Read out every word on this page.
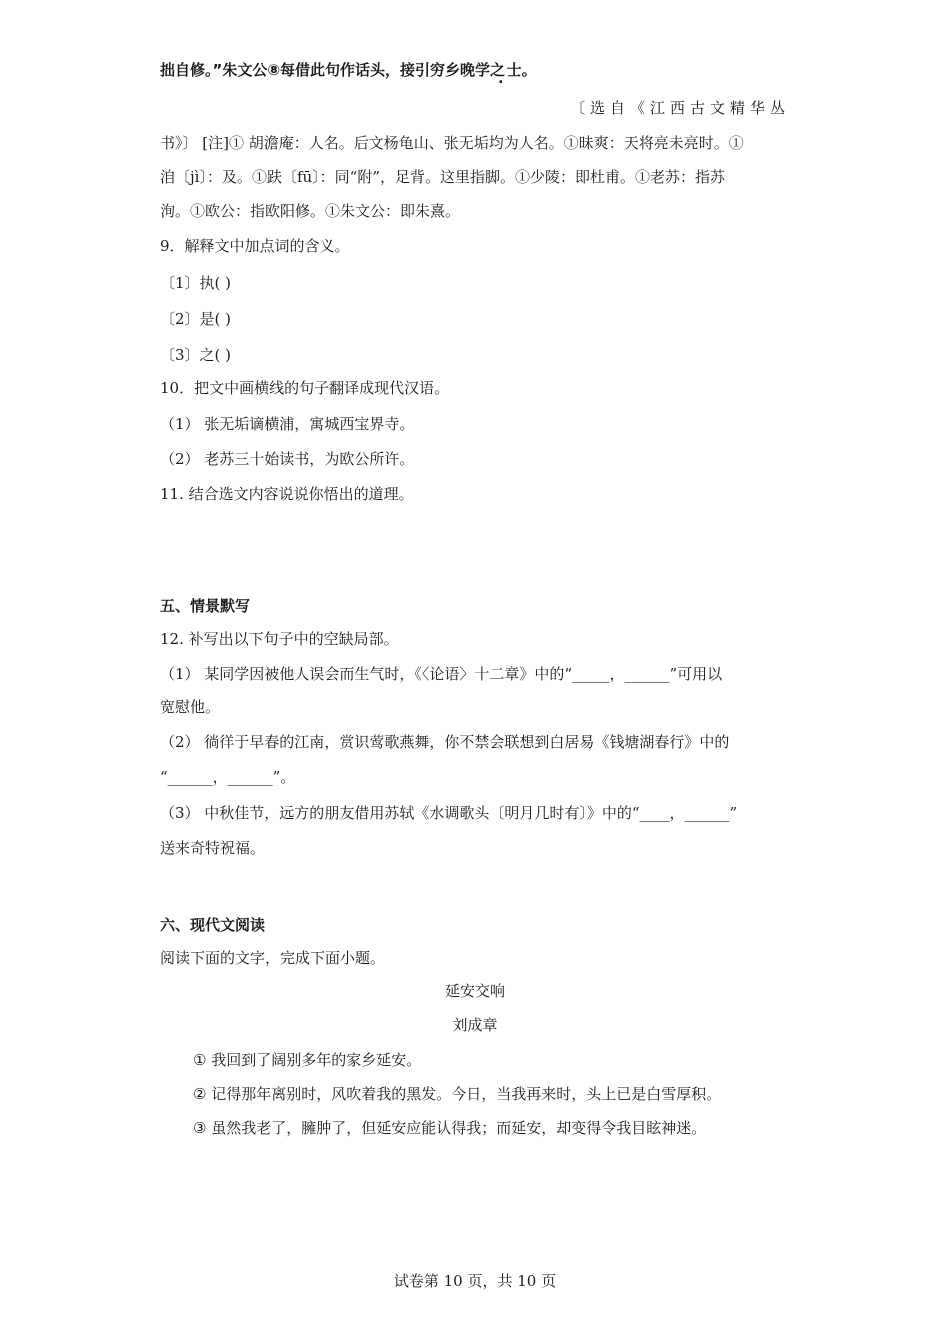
拙自修。”朱文公⑧每借此句作话头，接引穷乡晚学之  . 士。
〔选自《江西古文精华丛
书》〕 [注]① 胡澹庵：人名。后文杨龟山、张无垢均为人名。①昧爽：天将亮未亮时。①
洎〔jì〕：及。①趺〔fū〕：同“附”，足背。这里指脚。①少陵：即杜甫。①老苏：指苏
洵。①欧公：指欧阳修。①朱文公：即朱熹。
9．解释文中加点词的含义。
〔1〕执( )
〔2〕是( )
〔3〕之( )
10．把文中画横线的句子翻译成现代汉语。
（1） 张无垢谪横浦，寓城西宝界寺。
（2） 老苏三十始读书，为欧公所许。
11. 结合选文内容说说你悟出的道理。
五、情景默写
12. 补写出以下句子中的空缺局部。
（1） 某同学因被他人误会而生气时，《〈论语〉十二章》中的“_____，______”可用以
宽慰他。
（2） 徜徉于早春的江南，赏识莺歌燕舞，你不禁会联想到白居易《钱塘湖春行》中的
“______，______”。
（3） 中秋佳节，远方的朋友借用苏轼《水调歌头〔明月几时有〕》中的“____，______”
送来奇特祝福。
六、现代文阅读
阅读下面的文字，完成下面小题。
延安交响
刘成章
① 我回到了阔别多年的家乡延安。
② 记得那年离别时，风吹着我的黑发。今日，当我再来时，头上已是白雪厚积。
③ 虽然我老了，臃肿了，但延安应能认得我；而延安，却变得令我目眩神迷。
试卷第 10 页，共 10 页
